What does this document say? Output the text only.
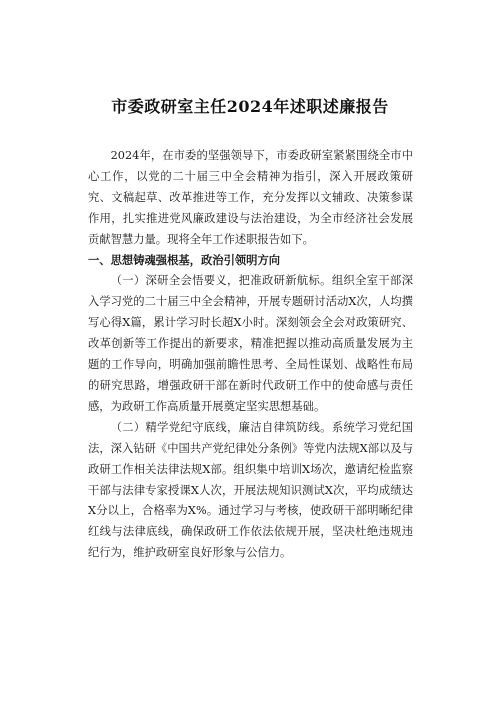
市委政研室主任2024年述职述廉报告

2024年，在市委的坚强领导下，市委政研室紧紧围绕全市中心工作，以党的二十届三中全会精神为指引，深入开展政策研究、文稿起草、改革推进等工作，充分发挥以文辅政、决策参谋作用，扎实推进党风廉政建设与法治建设，为全市经济社会发展贡献智慧力量。现将全年工作述职报告如下。

一、思想铸魂强根基，政治引领明方向

（一）深研全会悟要义，把准政研新航标。组织全室干部深入学习党的二十届三中全会精神，开展专题研讨活动X次，人均撰写心得X篇，累计学习时长超X小时。深刻领会全会对政策研究、改革创新等工作提出的新要求，精准把握以推动高质量发展为主题的工作导向，明确加强前瞻性思考、全局性谋划、战略性布局的研究思路，增强政研干部在新时代政研工作中的使命感与责任感，为政研工作高质量开展奠定坚实思想基础。

（二）精学党纪守底线，廉洁自律筑防线。系统学习党纪国法，深入钻研《中国共产党纪律处分条例》等党内法规X部以及与政研工作相关法律法规X部。组织集中培训X场次，邀请纪检监察干部与法律专家授课X人次，开展法规知识测试X次，平均成绩达X分以上，合格率为X%。通过学习与考核，使政研干部明晰纪律红线与法律底线，确保政研工作依法依规开展，坚决杜绝违规违纪行为，维护政研室良好形象与公信力。
